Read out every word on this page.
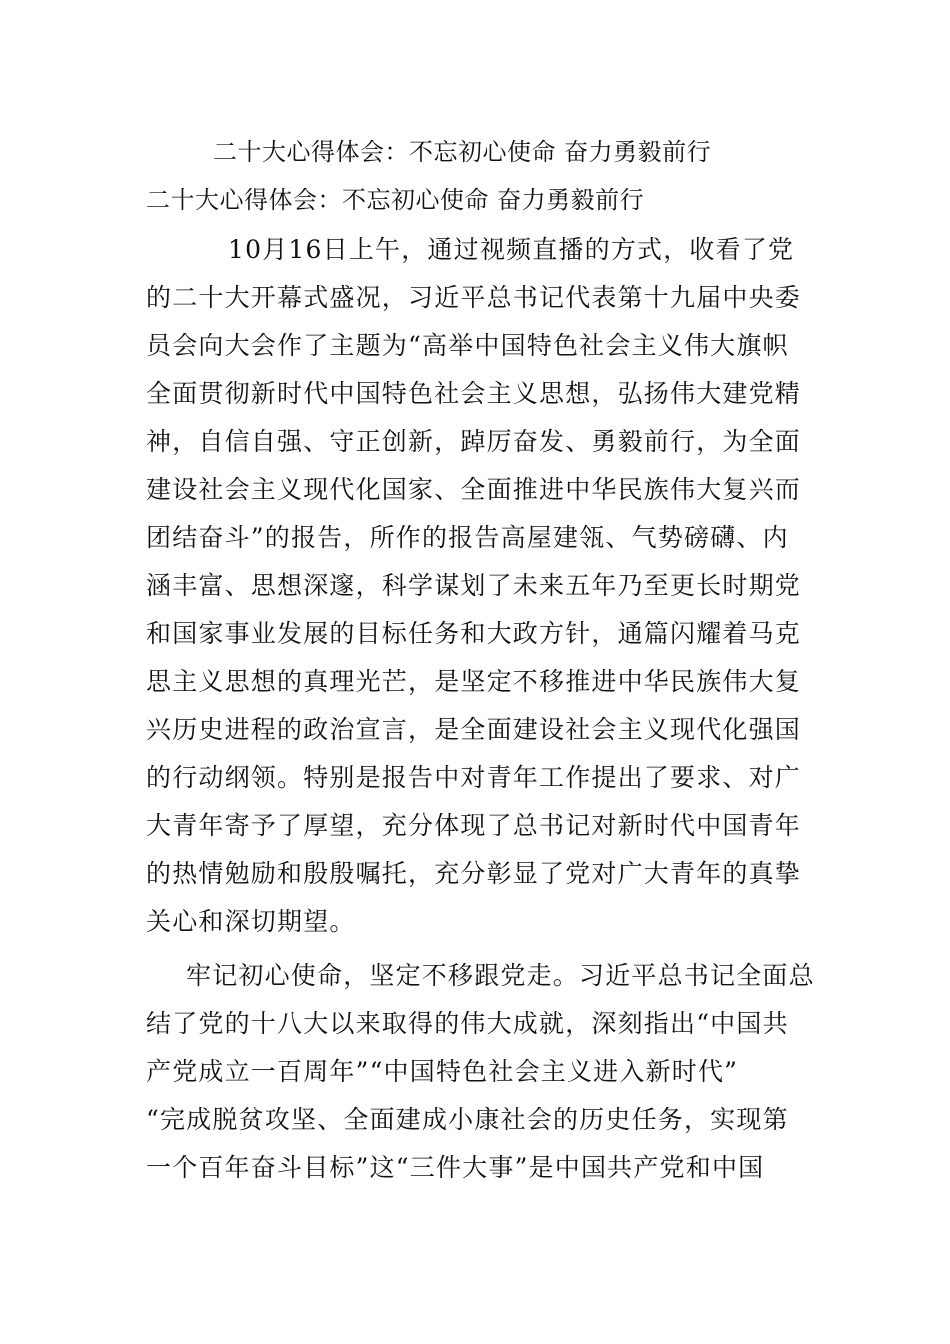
二十大心得体会：不忘初心使命 奋力勇毅前行
二十大心得体会：不忘初心使命 奋力勇毅前行
10月16日上午，通过视频直播的方式，收看了党
的二十大开幕式盛况，习近平总书记代表第十九届中央委
员会向大会作了主题为“高举中国特色社会主义伟大旗帜
全面贯彻新时代中国特色社会主义思想，弘扬伟大建党精
神，自信自强、守正创新，踔厉奋发、勇毅前行，为全面
建设社会主义现代化国家、全面推进中华民族伟大复兴而
团结奋斗”的报告，所作的报告高屋建瓴、气势磅礴、内
涵丰富、思想深邃，科学谋划了未来五年乃至更长时期党
和国家事业发展的目标任务和大政方针，通篇闪耀着马克
思主义思想的真理光芒，是坚定不移推进中华民族伟大复
兴历史进程的政治宣言，是全面建设社会主义现代化强国
的行动纲领。特别是报告中对青年工作提出了要求、对广
大青年寄予了厚望，充分体现了总书记对新时代中国青年
的热情勉励和殷殷嘱托，充分彰显了党对广大青年的真挚
关心和深切期望。
牢记初心使命，坚定不移跟党走。习近平总书记全面总
结了党的十八大以来取得的伟大成就，深刻指出“中国共
产党成立一百周年”“中国特色社会主义进入新时代”
“完成脱贫攻坚、全面建成小康社会的历史任务，实现第
一个百年奋斗目标”这“三件大事”是中国共产党和中国
